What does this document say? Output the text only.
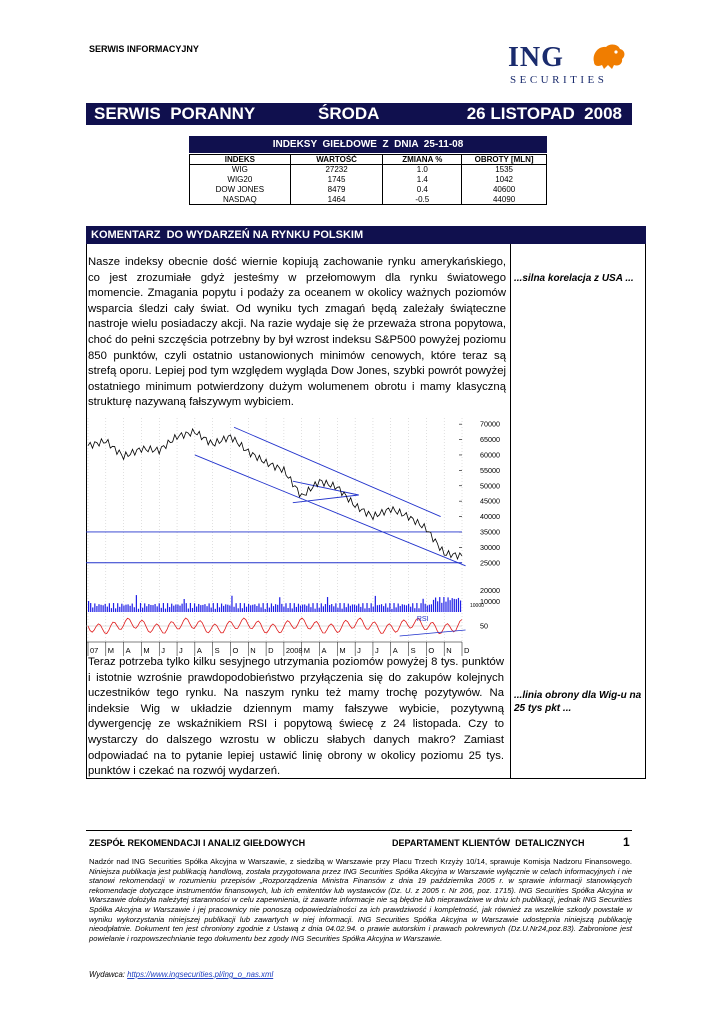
SERWIS INFORMACYJNY	ING
SECURITIES
SERWIS  PORANNY	ŚRODA	26 LISTOPAD  2008
INDEKSY  GIEŁDOWE  Z  DNIA  25-11-08
INDEKS	WARTOŚĆ	ZMIANA %	OBROTY [MLN]
WIG	27232	1.0	1535
WIG20	1745	1.4	1042
DOW JONES	8479	0.4	40600
NASDAQ	1464	-0.5	44090
KOMENTARZ  DO WYDARZEŃ NA RYNKU POLSKIM
Nasze indeksy obecnie dość wiernie kopiują zachowanie rynku amerykańskiego, co jest zrozumiałe gdyż jesteśmy w przełomowym dla rynku światowego momencie. Zmagania popytu i podaży za oceanem w okolicy ważnych poziomów wsparcia śledzi cały świat. Od wyniku tych zmagań będą zależały świąteczne nastroje wielu posiadaczy akcji. Na razie wydaje się że przeważa strona popytowa, choć do pełni szczęścia potrzebny by był wzrost indeksu S&P500 powyżej poziomu 850 punktów, czyli ostatnio ustanowionych minimów cenowych, które teraz są strefą oporu. Lepiej pod tym względem wygląda Dow Jones, szybki powrót powyżej ostatniego minimum potwierdzony dużym wolumenem obrotu i mamy klasyczną strukturę nazywaną fałszywym wybiciem.
...silna korelacja z USA ...
70000
65000
60000
55000
50000
45000
40000
35000
30000
25000
20000
10000
10000
RSI
50
07 M A M J J A S O N D 2008 M A M J J A S O N D
Teraz potrzeba tylko kilku sesyjnego utrzymania poziomów powyżej 8 tys. punktów i istotnie wzrośnie prawdopodobieństwo przyłączenia się do zakupów kolejnych uczestników tego rynku. Na naszym rynku też mamy trochę pozytywów. Na indeksie Wig w układzie dziennym mamy fałszywe wybicie, pozytywną dywergencję ze wskaźnikiem RSI i popytową świecę z 24 listopada. Czy to wystarczy do dalszego wzrostu w obliczu słabych danych makro? Zamiast odpowiadać na to pytanie lepiej ustawić linię obrony w okolicy poziomu 25 tys. punktów i czekać na rozwój wydarzeń.
...linia obrony dla Wig-u na 25 tys pkt ...
ZESPÓŁ REKOMENDACJI I ANALIZ GIEŁDOWYCH	DEPARTAMENT KLIENTÓW  DETALICZNYCH	1
Nadzór nad ING Securities Spółka Akcyjna w Warszawie, z siedzibą w Warszawie przy Placu Trzech Krzyży 10/14, sprawuje Komisja Nadzoru Finansowego. Niniejsza publikacja jest publikacją handlową, została przygotowana przez ING Securities Spółka Akcyjna w Warszawie wyłącznie w celach informacyjnych i nie stanowi rekomendacji w rozumieniu przepisów „Rozporządzenia Ministra Finansów z dnia 19 października 2005 r. w sprawie informacji stanowiących rekomendacje dotyczące instrumentów finansowych, lub ich emitentów lub wystawców (Dz. U. z 2005 r. Nr 206, poz. 1715). ING Securities Spółka Akcyjna w Warszawie dołożyła należytej staranności w celu zapewnienia, iż zawarte informacje nie są błędne lub nieprawdziwe w dniu ich publikacji, jednak ING Securities Spółka Akcyjna w Warszawie i jej pracownicy nie ponoszą odpowiedzialności za ich prawdziwość i kompletność, jak również za wszelkie szkody powstałe w wyniku wykorzystania niniejszej publikacji lub zawartych w niej informacji. ING Securities Spółka Akcyjna w Warszawie udostępnia niniejszą publikację nieodpłatnie. Dokument ten jest chroniony zgodnie z Ustawą z dnia 04.02.94. o prawie autorskim i prawach pokrewnych (Dz.U.Nr24,poz.83). Zabronione jest powielanie i rozpowszechnianie tego dokumentu bez zgody ING Securities Spółka Akcyjna w Warszawie.
Wydawca: https://www.ingsecurities.pl/ing_o_nas.xml
